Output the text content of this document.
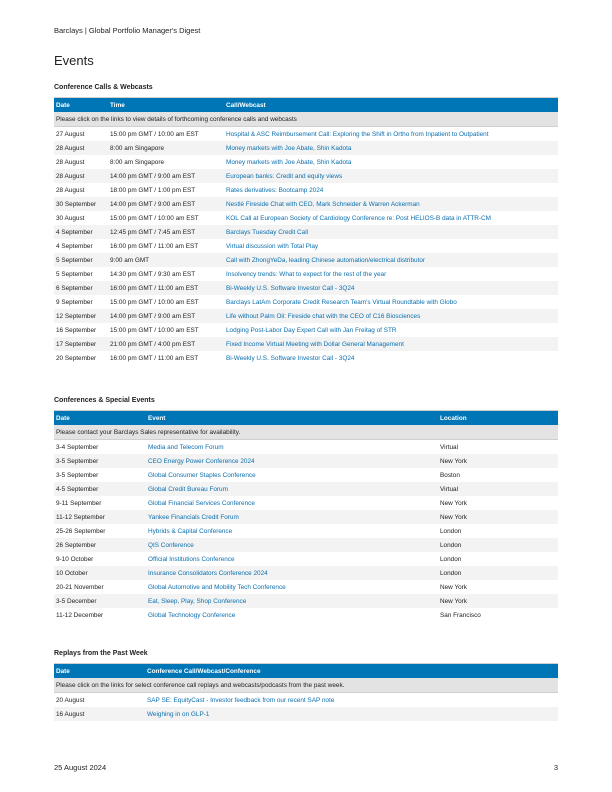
Barclays | Global Portfolio Manager's Digest
Events
Conference Calls & Webcasts
Date	Time	Call/Webcast
Please click on the links to view details of forthcoming conference calls and webcasts		
27 August	15:00 pm GMT / 10:00 am EST	Hospital & ASC Reimbursement Call: Exploring the Shift in Ortho from Inpatient to Outpatient
28 August	8:00 am Singapore	Money markets with Joe Abate, Shin Kadota
28 August	8:00 am Singapore	Money markets with Joe Abate, Shin Kadota
28 August	14:00 pm GMT / 9:00 am EST	European banks: Credit and equity views
28 August	18:00 pm GMT / 1:00 pm EST	Rates derivatives: Bootcamp 2024
30 September	14:00 pm GMT / 9:00 am EST	Nestlé Fireside Chat with CEO, Mark Schneider & Warren Ackerman
30 August	15:00 pm GMT / 10:00 am EST	KOL Call at European Society of Cardiology Conference re: Post HELIOS-B data in ATTR-CM
4 September	12:45 pm GMT / 7:45 am EST	Barclays Tuesday Credit Call
4 September	16:00 pm GMT / 11:00 am EST	Virtual discussion with Total Play
5 September	9:00 am GMT	Call with ZhongYeDa, leading Chinese automation/electrical distributor
5 September	14:30 pm GMT / 9:30 am EST	Insolvency trends: What to expect for the rest of the year
6 September	16:00 pm GMT / 11:00 am EST	Bi-Weekly U.S. Software Investor Call - 3Q24
9 September	15:00 pm GMT / 10:00 am EST	Barclays LatAm Corporate Credit Research Team's Virtual Roundtable with Globo
12 September	14:00 pm GMT / 9:00 am EST	Life without Palm Oil: Fireside chat with the CEO of C16 Biosciences
16 September	15:00 pm GMT / 10:00 am EST	Lodging Post-Labor Day Expert Call with Jan Freitag of STR
17 September	21:00 pm GMT / 4:00 pm EST	Fixed Income Virtual Meeting with Dollar General Management
20 September	16:00 pm GMT / 11:00 am EST	Bi-Weekly U.S. Software Investor Call - 3Q24
Conferences & Special Events
Date	Event	Location
Please contact your Barclays Sales representative for availability.		
3-4 September	Media and Telecom Forum	Virtual
3-5 September	CEO Energy Power Conference 2024	New York
3-5 September	Global Consumer Staples Conference	Boston
4-5 September	Global Credit Bureau Forum	Virtual
9-11 September	Global Financial Services Conference	New York
11-12 September	Yankee Financials Credit Forum	New York
25-26 September	Hybrids & Capital Conference	London
26 September	QIS Conference	London
9-10 October	Official Institutions Conference	London
10 October	Insurance Consolidators Conference 2024	London
20-21 November	Global Automotive and Mobility Tech Conference	New York
3-5 December	Eat, Sleep, Play, Shop Conference	New York
11-12 December	Global Technology Conference	San Francisco
Replays from the Past Week
Date	Conference Call/Webcast/Conference
Please click on the links for select conference call replays and webcasts/podcasts from the past week.	
20 August	SAP SE: EquityCast - Investor feedback from our recent SAP note
16 August	Weighing in on GLP-1
25 August 2024	3
